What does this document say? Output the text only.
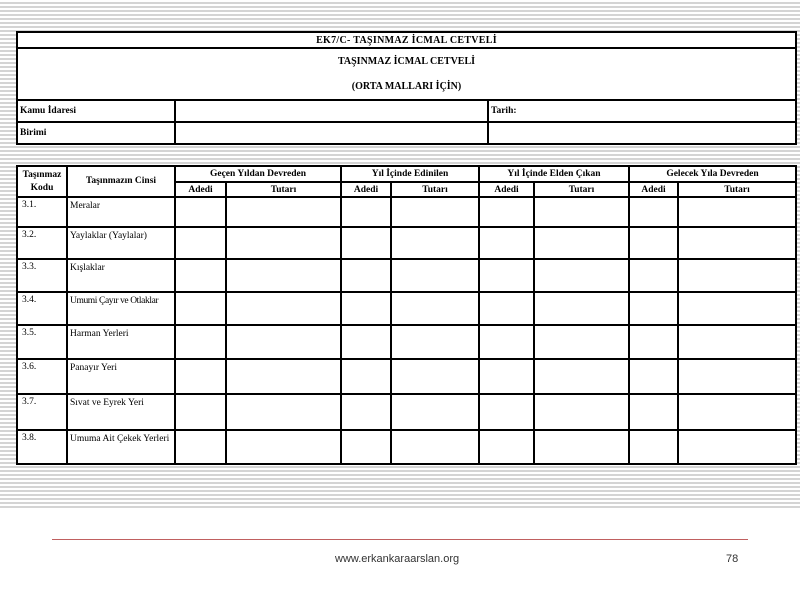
EK7/C- TAŞINMAZ İCMAL CETVELİ		

TAŞINMAZ İCMAL CETVELİ
(ORTA MALLARI İÇİN)		

Kamu İdaresi		Tarih:
Birimi		
Taşınmaz Kodu	Taşınmazın Cinsi	Geçen Yıldan Devreden		Yıl İçinde Edinilen		Yıl İçinde Elden Çıkan		Gelecek Yıla Devreden	
		Adedi	Tutarı	Adedi	Tutarı	Adedi	Tutarı	Adedi	Tutarı
3.1.	Meralar								
3.2.	Yaylaklar (Yaylalar)								
3.3.	Kışlaklar								
3.4.	Umumi Çayır ve Otlaklar								
3.5.	Harman Yerleri								
3.6.	Panayır Yeri								
3.7.	Sıvat ve Eyrek Yeri								
3.8.	Umuma Ait Çekek Yerleri								
www.erkankaraarslan.org	78
